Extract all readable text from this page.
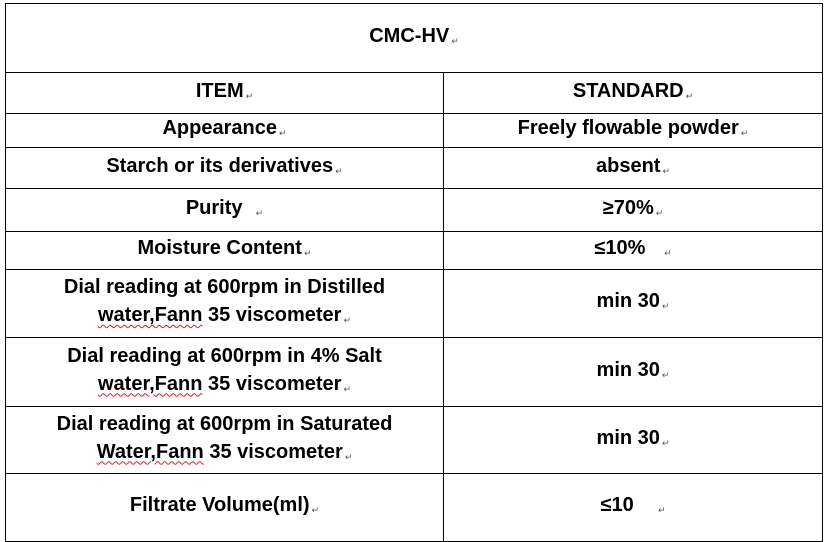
CMC-HV ↵	
ITEM ↵	STANDARD ↵
Appearance ↵	Freely flowable powder ↵
Starch or its derivatives ↵	absent ↵
Purity ↵	≥70% ↵
Moisture Content ↵	≤10% ↵
Dial reading at 600rpm in Distilled
water,Fann 35 viscometer ↵	min 30 ↵
Dial reading at 600rpm in 4% Salt
water,Fann 35 viscometer ↵	min 30 ↵
Dial reading at 600rpm in Saturated
Water,Fann 35 viscometer ↵	min 30 ↵
Filtrate Volume(ml) ↵	≤10 ↵
